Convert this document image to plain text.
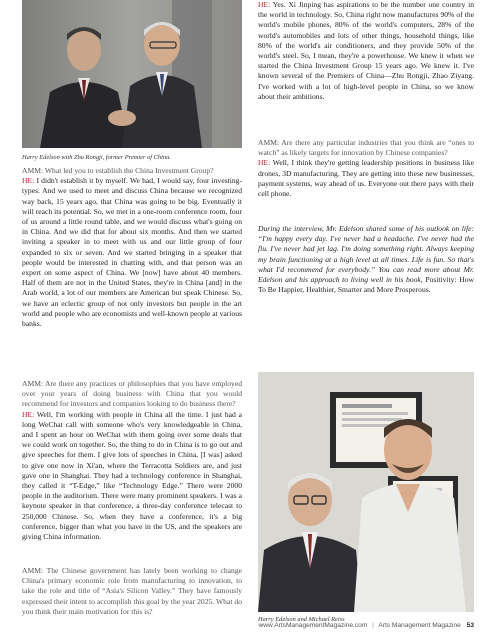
Harry Edelson with Zhu Rongji, former Premier of China.

HE: Yes. Xi Jinping has aspirations to be the number one country in the world in technology. So, China right now manufactures 90% of the world's mobile phones, 80% of the world's computers, 28% of the world's automobiles and lots of other things, household things, like 80% of the world's air conditioners, and they provide 50% of the world's steel. So, I mean, they're a powerhouse. We knew it when we started the China Investment Group 15 years ago. We knew it. I've known several of the Premiers of China—Zhu Rongji, Zhao Ziyang. I've worked with a lot of high-level people in China, so we know about their ambitions.

AMM: Are there any particular industries that you think are “ones to watch” as likely targets for innovation by Chinese companies?
HE: Well, I think they're getting leadership positions in business like drones, 3D manufacturing. They are getting into these new businesses, payment systems, way ahead of us. Everyone out there pays with their cell phone.

During the interview, Mr. Edelson shared some of his outlook on life: “I'm happy every day. I've never had a headache. I've never had the flu. I've never had jet lag. I'm doing something right. Always keeping my brain functioning at a high level at all times. Life is fun. So that's what I'd recommend for everybody.” You can read more about Mr. Edelson and his approach to living well in his book, Positivity: How To Be Happier, Healthier, Smarter and More Prosperous.

AMM: What led you to establish the China Investment Group?
HE: I didn't establish it by myself. We had, I would say, four investing-types. And we used to meet and discuss China because we recognized way back, 15 years ago, that China was going to be big. Eventually it will reach its potential. So, we met in a one-room conference room, four of us around a little round table, and we would discuss what's going on in China. And we did that for about six months. And then we started inviting a speaker in to meet with us and our little group of four expanded to six or seven. And we started bringing in a speaker that people would be interested in chatting with, and that person was an expert on some aspect of China. We [now] have about 40 members. Half of them are not in the United States, they're in China [and] in the Arab world, a lot of our members are American but speak Chinese. So, we have an eclectic group of not only investors but people in the art world and people who are economists and well-known people at various banks.

AMM: Are there any practices or philosophies that you have employed over your years of doing business with China that you would recommend for investors and companies looking to do business there?
HE: Well, I'm working with people in China all the time. I just had a long WeChat call with someone who's very knowledgeable in China, and I spent an hour on WeChat with them going over some deals that we could work on together. So, the thing to do in China is to go out and give speeches for them. I give lots of speeches in China, [I was] asked to give one now in Xi'an, where the Terracotta Soldiers are, and just gave one in Shanghai. They had a technology conference in Shanghai, they called it “T-Edge,” like “Technology Edge.” There were 2000 people in the auditorium. There were many prominent speakers. I was a keynote speaker in that conference, a three-day conference telecast to 250,000 Chinese. So, when they have a conference, it's a big conference, bigger than what you have in the US, and the speakers are giving China information.

AMM: The Chinese government has lately been working to change China's primary economic role from manufacturing to innovation, to take the role and title of “Asia's Silicon Valley.” They have famously expressed their intent to accomplish this goal by the year 2025. What do you think their main motivation for this is?

Harry Edelson and Michael Reiss
www.ArtsManagementMagazine.com | Arts Management Magazine 53
